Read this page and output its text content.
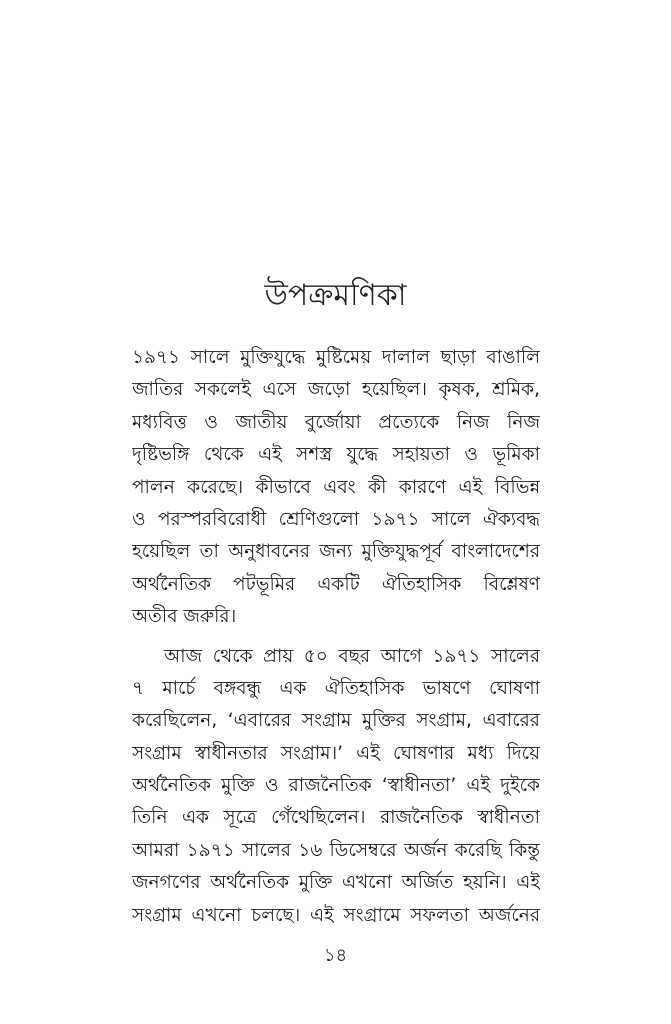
উপক্রমণিকা
১৯৭১ সালে মুক্তিযুদ্ধে মুষ্টিমেয় দালাল ছাড়া বাঙালি
জাতির সকলেই এসে জড়ো হয়েছিল। কৃষক, শ্রমিক,
মধ্যবিত্ত ও জাতীয় বুর্জোয়া প্রত্যেকে নিজ নিজ
দৃষ্টিভঙ্গি থেকে এই সশস্ত্র যুদ্ধে সহায়তা ও ভূমিকা
পালন করেছে। কীভাবে এবং কী কারণে এই বিভিন্ন
ও পরস্পরবিরোধী শ্রেণিগুলো ১৯৭১ সালে ঐক্যবদ্ধ
হয়েছিল তা অনুধাবনের জন্য মুক্তিযুদ্ধপূর্ব বাংলাদেশের
অর্থনৈতিক পটভূমির একটি ঐতিহাসিক বিশ্লেষণ
অতীব জরুরি।
আজ থেকে প্রায় ৫০ বছর আগে ১৯৭১ সালের
৭ মার্চে বঙ্গবন্ধু এক ঐতিহাসিক ভাষণে ঘোষণা
করেছিলেন, ‘এবারের সংগ্রাম মুক্তির সংগ্রাম, এবারের
সংগ্রাম স্বাধীনতার সংগ্রাম।’ এই ঘোষণার মধ্য দিয়ে
অর্থনৈতিক মুক্তি ও রাজনৈতিক ‘স্বাধীনতা’ এই দুইকে
তিনি এক সূত্রে গেঁথেছিলেন। রাজনৈতিক স্বাধীনতা
আমরা ১৯৭১ সালের ১৬ ডিসেম্বরে অর্জন করেছি কিন্তু
জনগণের অর্থনৈতিক মুক্তি এখনো অর্জিত হয়নি। এই
সংগ্রাম এখনো চলছে। এই সংগ্রামে সফলতা অর্জনের
১৪
